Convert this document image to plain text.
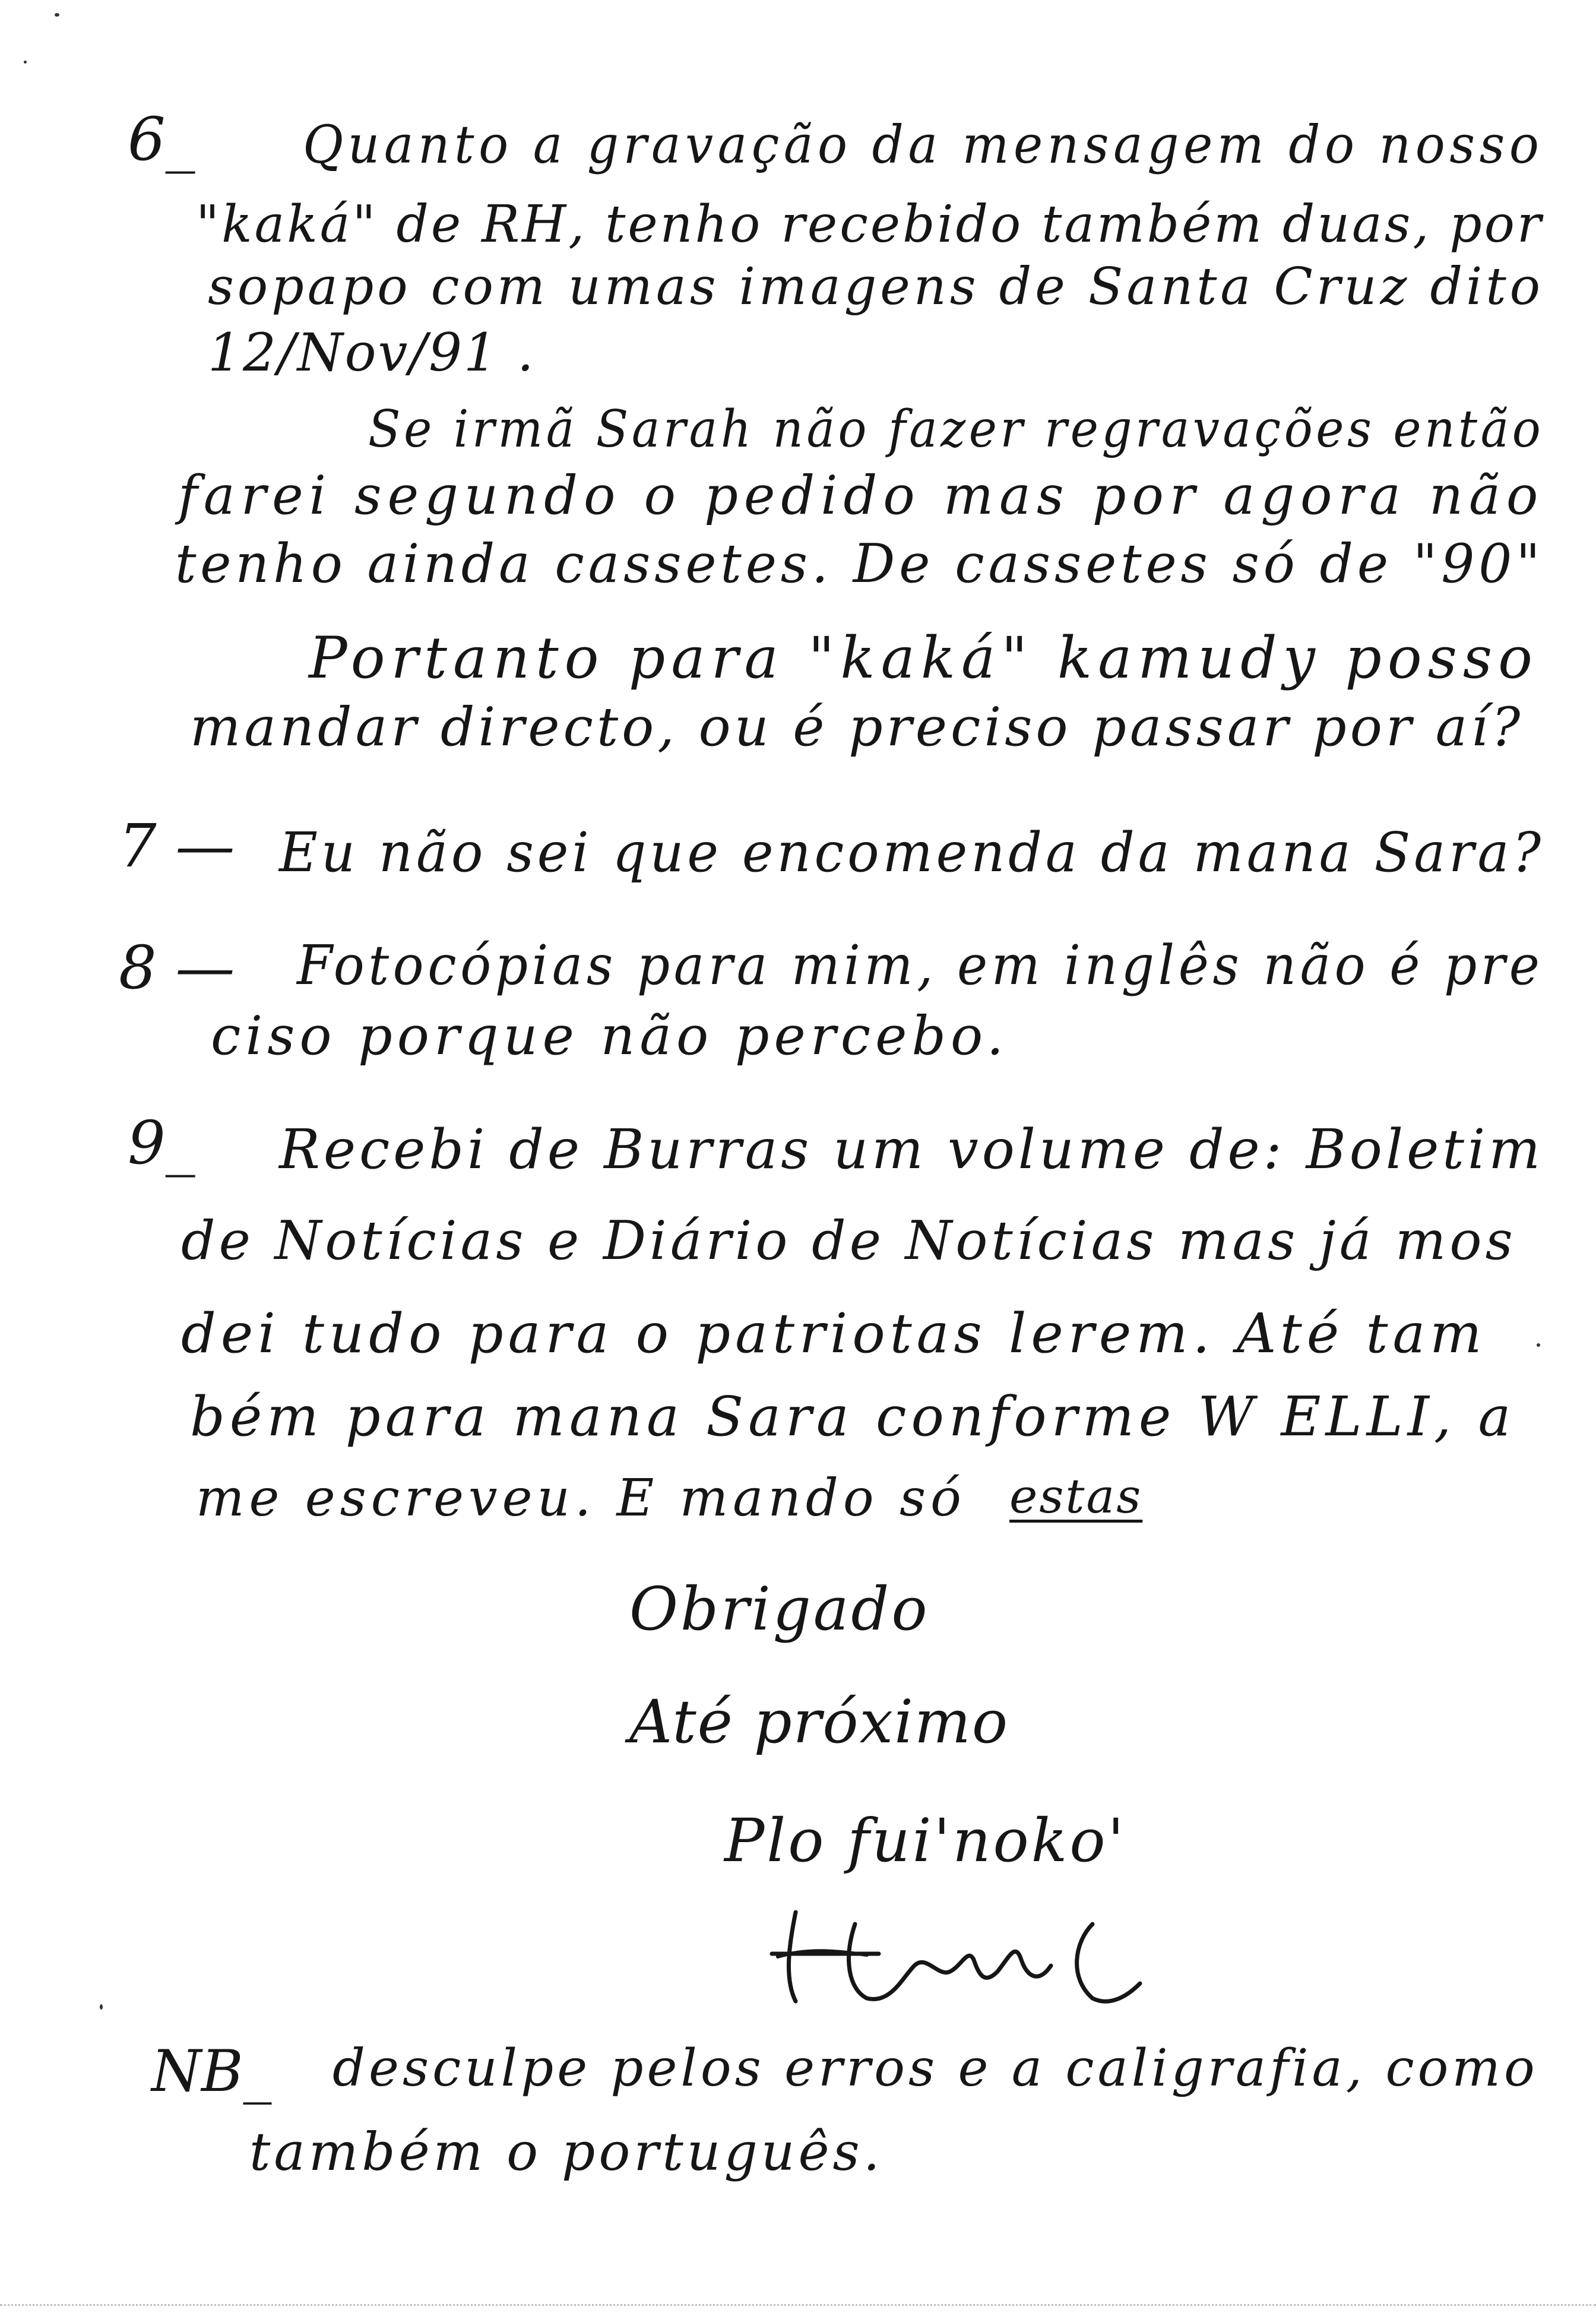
6_ Quanto a gravação da mensagem do nosso
"kaká" de RH, tenho recebido também duas, por
sopapo com umas imagens de Santa Cruz dito
12/Nov/91 .
Se irmã Sarah não fazer regravações então
farei segundo o pedido mas por agora não
tenho ainda cassetes. De cassetes só de "90"
Portanto para "kaká" kamudy posso
mandar directo, ou é preciso passar por aí?
7 — Eu não sei que encomenda da mana Sara?
8 — Fotocópias para mim, em inglês não é pre
ciso porque não percebo.
9_ Recebi de Burras um volume de: Boletim
de Notícias e Diário de Notícias mas já mos
dei tudo para o patriotas lerem. Até tam
bém para mana Sara conforme W ELLI, a
me escreveu. E mando só estas
Obrigado
Até próximo
Plo fui'noko'
NB_ desculpe pelos erros e a caligrafia, como
também o português.
